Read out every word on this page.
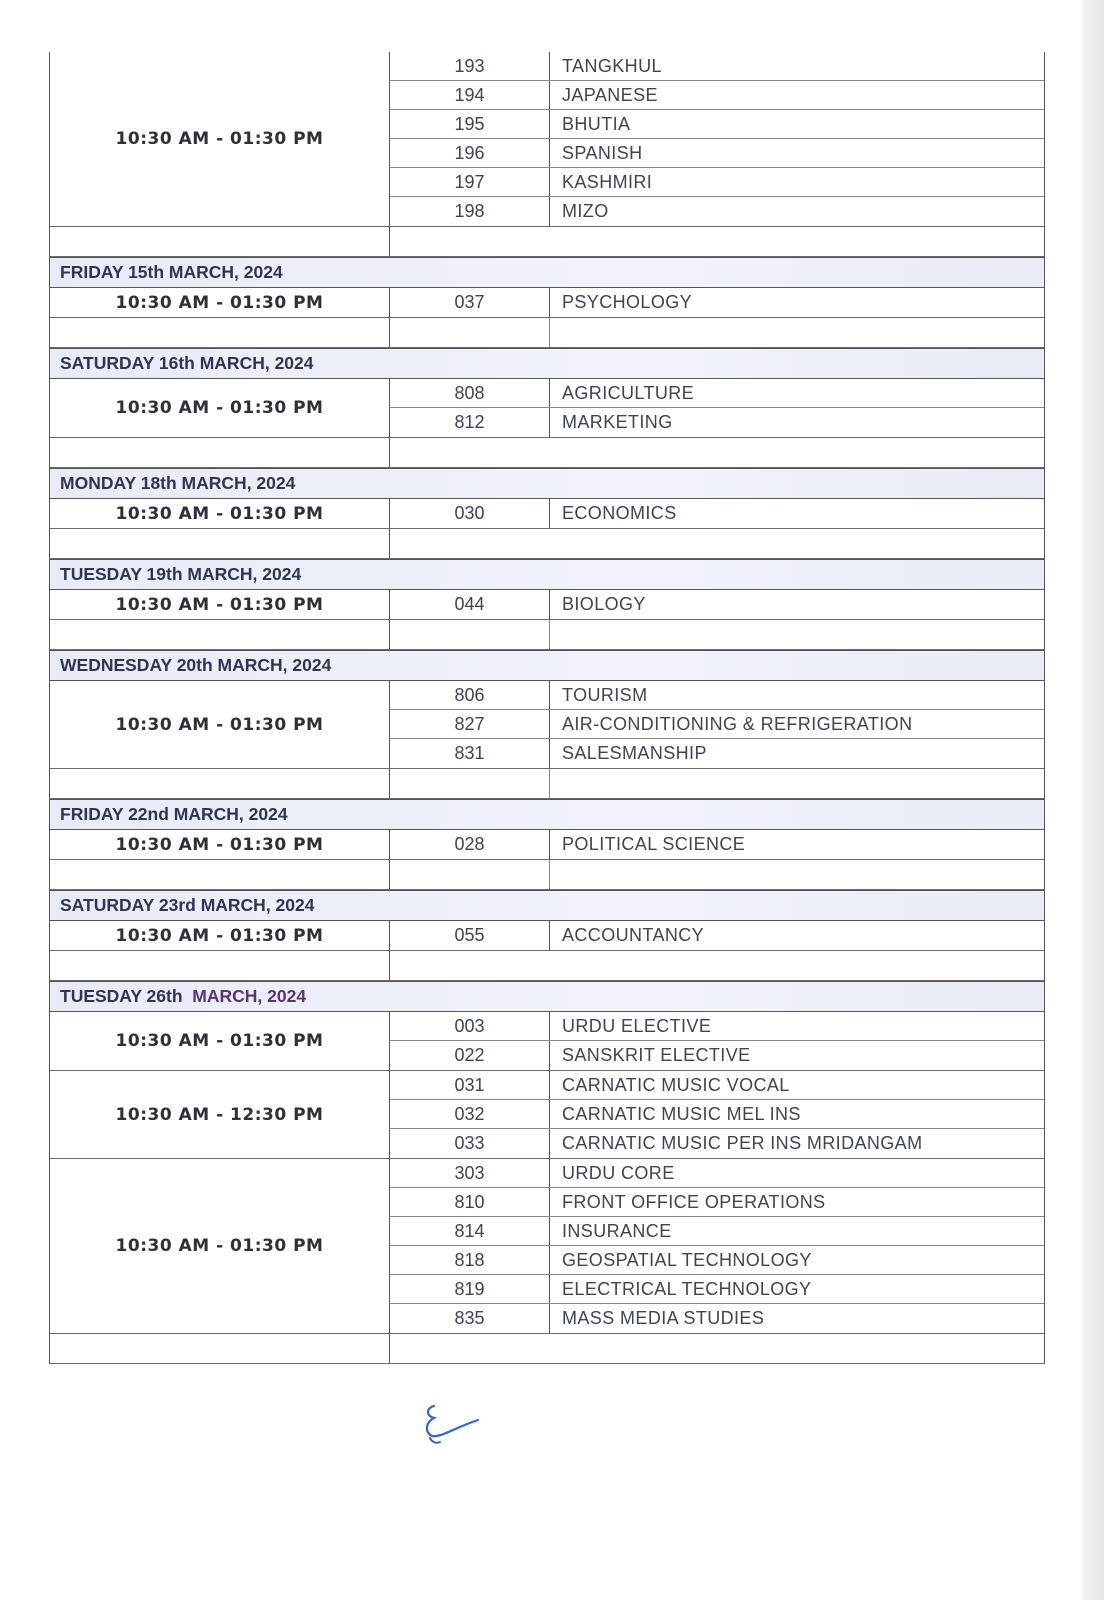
10:30 AM - 01:30 PM
193	TANGKHUL
194	JAPANESE
195	BHUTIA
196	SPANISH
197	KASHMIRI
198	MIZO
FRIDAY 15th MARCH, 2024
10:30 AM - 01:30 PM	037	PSYCHOLOGY
SATURDAY 16th MARCH, 2024
10:30 AM - 01:30 PM
808	AGRICULTURE
812	MARKETING
MONDAY 18th MARCH, 2024
10:30 AM - 01:30 PM	030	ECONOMICS
TUESDAY 19th MARCH, 2024
10:30 AM - 01:30 PM	044	BIOLOGY
WEDNESDAY 20th MARCH, 2024
10:30 AM - 01:30 PM
806	TOURISM
827	AIR-CONDITIONING & REFRIGERATION
831	SALESMANSHIP
FRIDAY 22nd MARCH, 2024
10:30 AM - 01:30 PM	028	POLITICAL SCIENCE
SATURDAY 23rd MARCH, 2024
10:30 AM - 01:30 PM	055	ACCOUNTANCY
TUESDAY 26th
MARCH, 2024
10:30 AM - 01:30 PM
003	URDU ELECTIVE
022	SANSKRIT ELECTIVE
10:30 AM - 12:30 PM
031	CARNATIC MUSIC VOCAL
032	CARNATIC MUSIC MEL INS
033	CARNATIC MUSIC PER INS MRIDANGAM
10:30 AM - 01:30 PM
303	URDU CORE
810	FRONT OFFICE OPERATIONS
814	INSURANCE
818	GEOSPATIAL TECHNOLOGY
819	ELECTRICAL TECHNOLOGY
835	MASS MEDIA STUDIES
